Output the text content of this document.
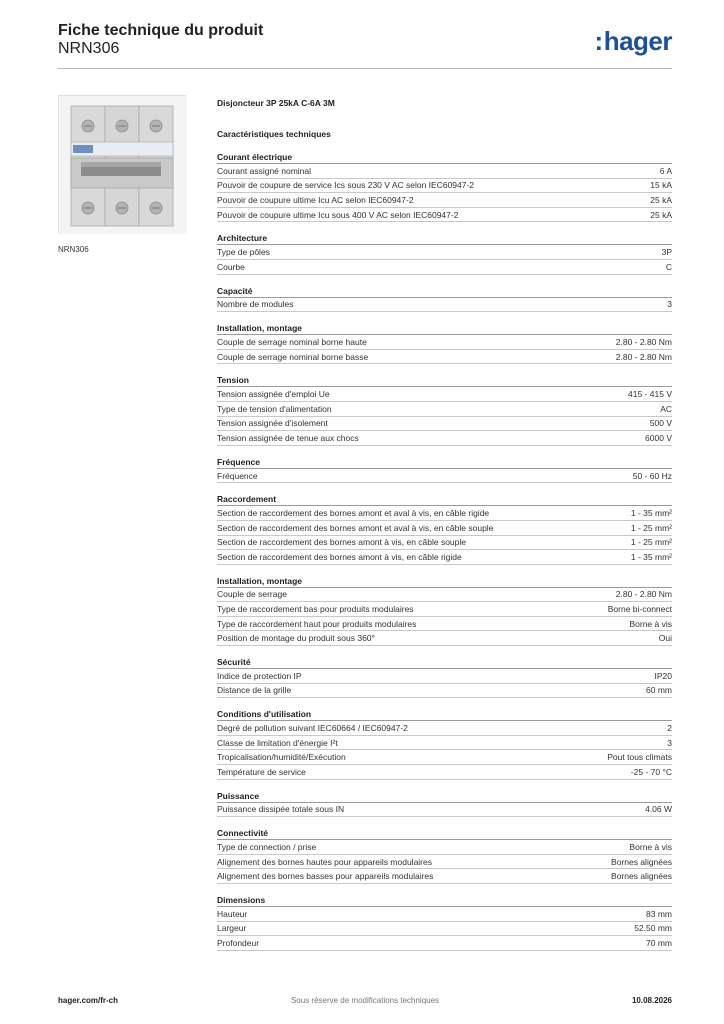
Fiche technique du produit
NRN306	:hager
NRN306
Disjoncteur 3P 25kA C-6A 3M
Caractéristiques techniques
Courant électrique
Courant assigné nominal	6 A
Pouvoir de coupure de service Ics sous 230 V AC selon IEC60947-2	15 kA
Pouvoir de coupure ultime Icu AC selon IEC60947-2	25 kA
Pouvoir de coupure ultime Icu sous 400 V AC selon IEC60947-2	25 kA
Architecture
Type de pôles	3P
Courbe	C
Capacité
Nombre de modules	3
Installation, montage
Couple de serrage nominal borne haute	2.80 - 2.80 Nm
Couple de serrage nominal borne basse	2.80 - 2.80 Nm
Tension
Tension assignée d'emploi Ue	415 - 415 V
Type de tension d'alimentation	AC
Tension assignée d'isolement	500 V
Tension assignée de tenue aux chocs	6000 V
Fréquence
Fréquence	50 - 60 Hz
Raccordement
Section de raccordement des bornes amont et aval à vis, en câble rigide	1 - 35 mm²
Section de raccordement des bornes amont et aval à vis, en câble souple	1 - 25 mm²
Section de raccordement des bornes amont à vis, en câble souple	1 - 25 mm²
Section de raccordement des bornes amont à vis, en câble rigide	1 - 35 mm²
Installation, montage
Couple de serrage	2.80 - 2.80 Nm
Type de raccordement bas pour produits modulaires	Borne bi-connect
Type de raccordement haut pour produits modulaires	Borne à vis
Position de montage du produit sous 360°	Oui
Sécurité
Indice de protection IP	IP20
Distance de la grille	60 mm
Conditions d'utilisation
Degré de pollution suivant IEC60664 / IEC60947-2	2
Classe de limitation d'énergie I²t	3
Tropicalisation/humidité/Exécution	Pout tous climats
Température de service	-25 - 70 °C
Puissance
Puissance dissipée totale sous IN	4.06 W
Connectivité
Type de connection / prise	Borne à vis
Alignement des bornes hautes pour appareils modulaires	Bornes alignées
Alignement des bornes basses pour appareils modulaires	Bornes alignées
Dimensions
Hauteur	83 mm
Largeur	52.50 mm
Profondeur	70 mm
hager.com/fr-ch	Sous réserve de modifications techniques	10.08.2026
